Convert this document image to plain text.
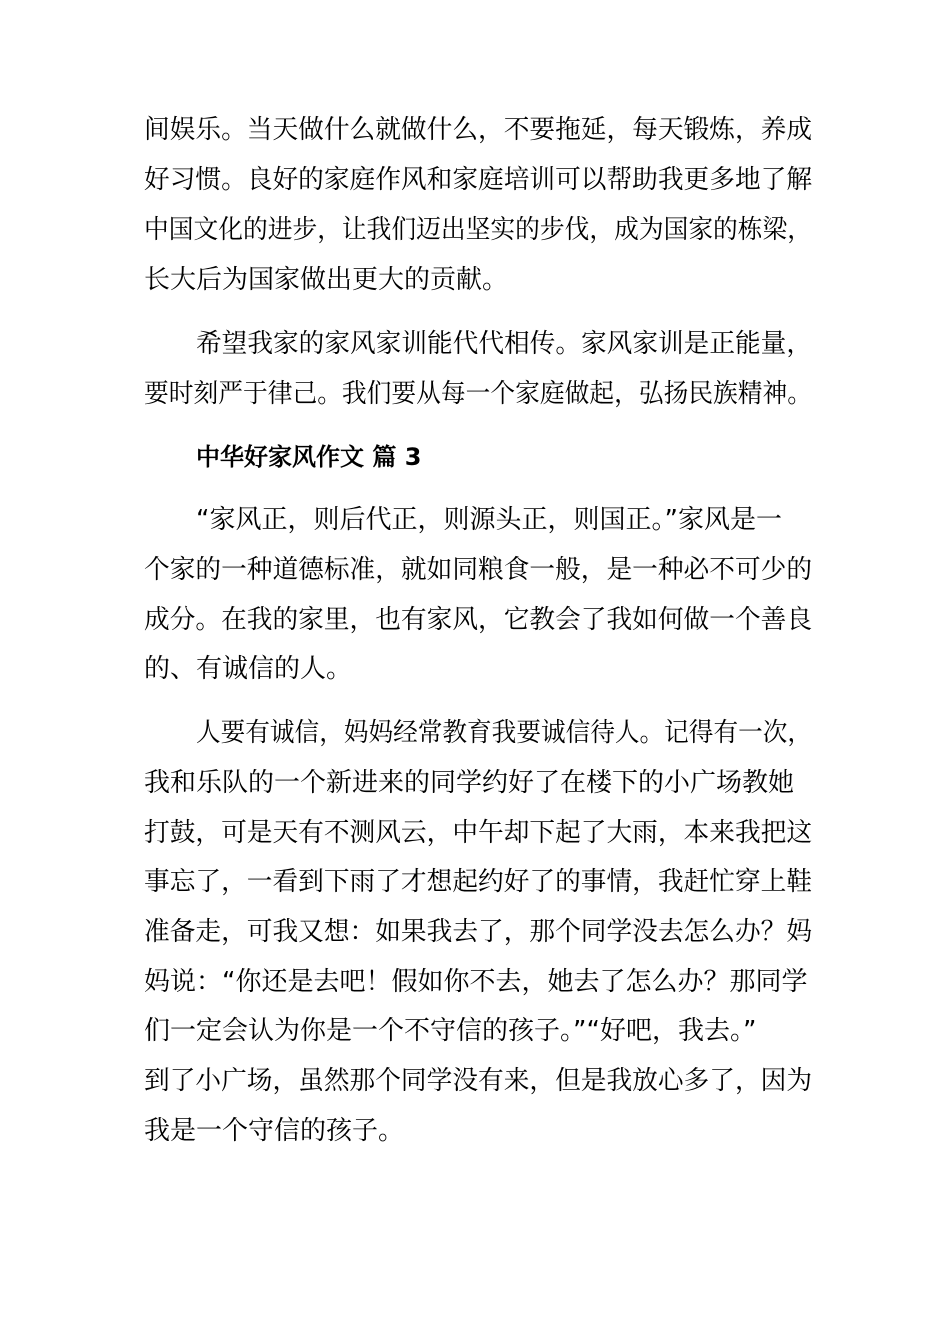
间娱乐。当天做什么就做什么，不要拖延，每天锻炼，养成
好习惯。良好的家庭作风和家庭培训可以帮助我更多地了解
中国文化的进步，让我们迈出坚实的步伐，成为国家的栋梁，
长大后为国家做出更大的贡献。
希望我家的家风家训能代代相传。家风家训是正能量，
要时刻严于律己。我们要从每一个家庭做起，弘扬民族精神。
中华好家风作文 篇 3
“家风正，则后代正，则源头正，则国正。”家风是一
个家的一种道德标准，就如同粮食一般，是一种必不可少的
成分。在我的家里，也有家风，它教会了我如何做一个善良
的、有诚信的人。
人要有诚信，妈妈经常教育我要诚信待人。记得有一次，
我和乐队的一个新进来的同学约好了在楼下的小广场教她
打鼓，可是天有不测风云，中午却下起了大雨，本来我把这
事忘了，一看到下雨了才想起约好了的事情，我赶忙穿上鞋
准备走，可我又想：如果我去了，那个同学没去怎么办？妈
妈说：“你还是去吧！假如你不去，她去了怎么办？那同学
们一定会认为你是一个不守信的孩子。”“好吧，我去。”
到了小广场，虽然那个同学没有来，但是我放心多了，因为
我是一个守信的孩子。
